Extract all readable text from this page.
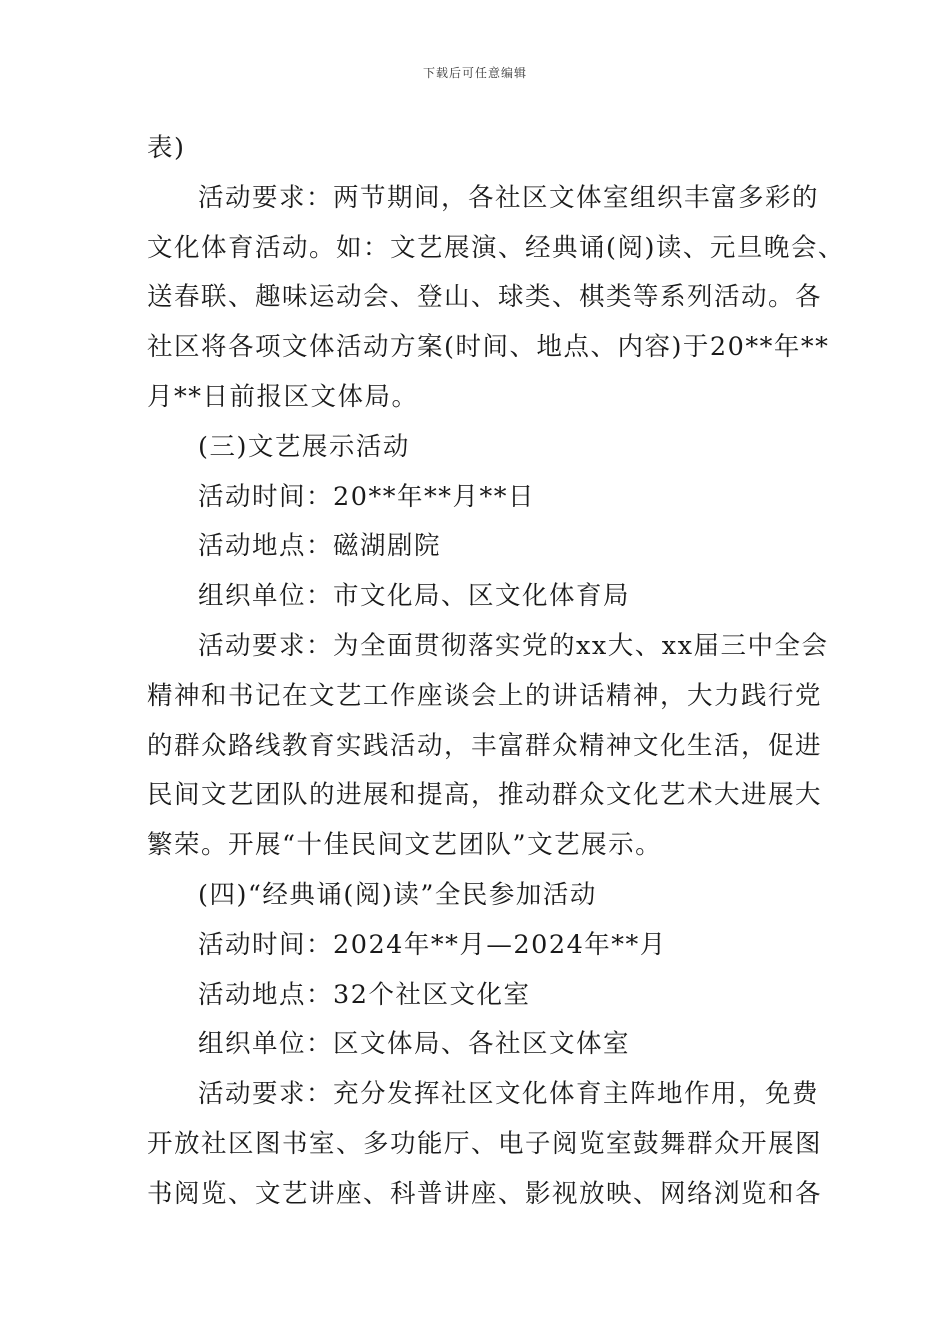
下载后可任意编辑
表)
活动要求：两节期间，各社区文体室组织丰富多彩的
文化体育活动。如：文艺展演、经典诵(阅)读、元旦晚会、
送春联、趣味运动会、登山、球类、棋类等系列活动。各
社区将各项文体活动方案(时间、地点、内容)于20**年**
月**日前报区文体局。
(三)文艺展示活动
活动时间：20**年**月**日
活动地点：磁湖剧院
组织单位：市文化局、区文化体育局
活动要求：为全面贯彻落实党的xx大、xx届三中全会
精神和书记在文艺工作座谈会上的讲话精神，大力践行党
的群众路线教育实践活动，丰富群众精神文化生活，促进
民间文艺团队的进展和提高，推动群众文化艺术大进展大
繁荣。开展“十佳民间文艺团队”文艺展示。
(四)“经典诵(阅)读”全民参加活动
活动时间：2024年**月—2024年**月
活动地点：32个社区文化室
组织单位：区文体局、各社区文体室
活动要求：充分发挥社区文化体育主阵地作用，免费
开放社区图书室、多功能厅、电子阅览室鼓舞群众开展图
书阅览、文艺讲座、科普讲座、影视放映、网络浏览和各
